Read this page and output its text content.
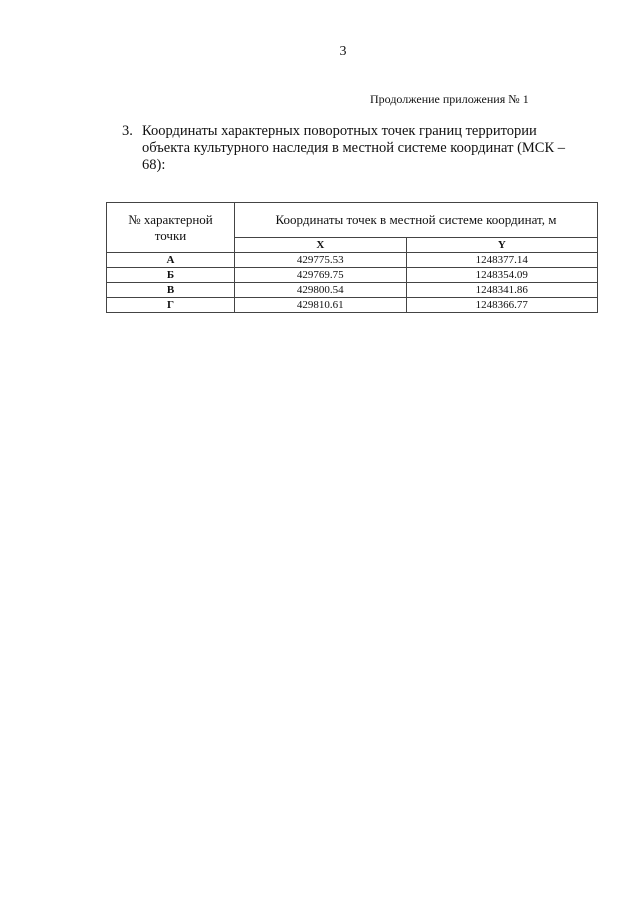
3
Продолжение приложения № 1
3. Координаты характерных поворотных точек границ территории
объекта культурного наследия в местной системе координат (МСК –
68):
№ характерной
точки	Координаты точек в местной системе координат, м	
	X	Y
А	429775.53	1248377.14
Б	429769.75	1248354.09
В	429800.54	1248341.86
Г	429810.61	1248366.77
